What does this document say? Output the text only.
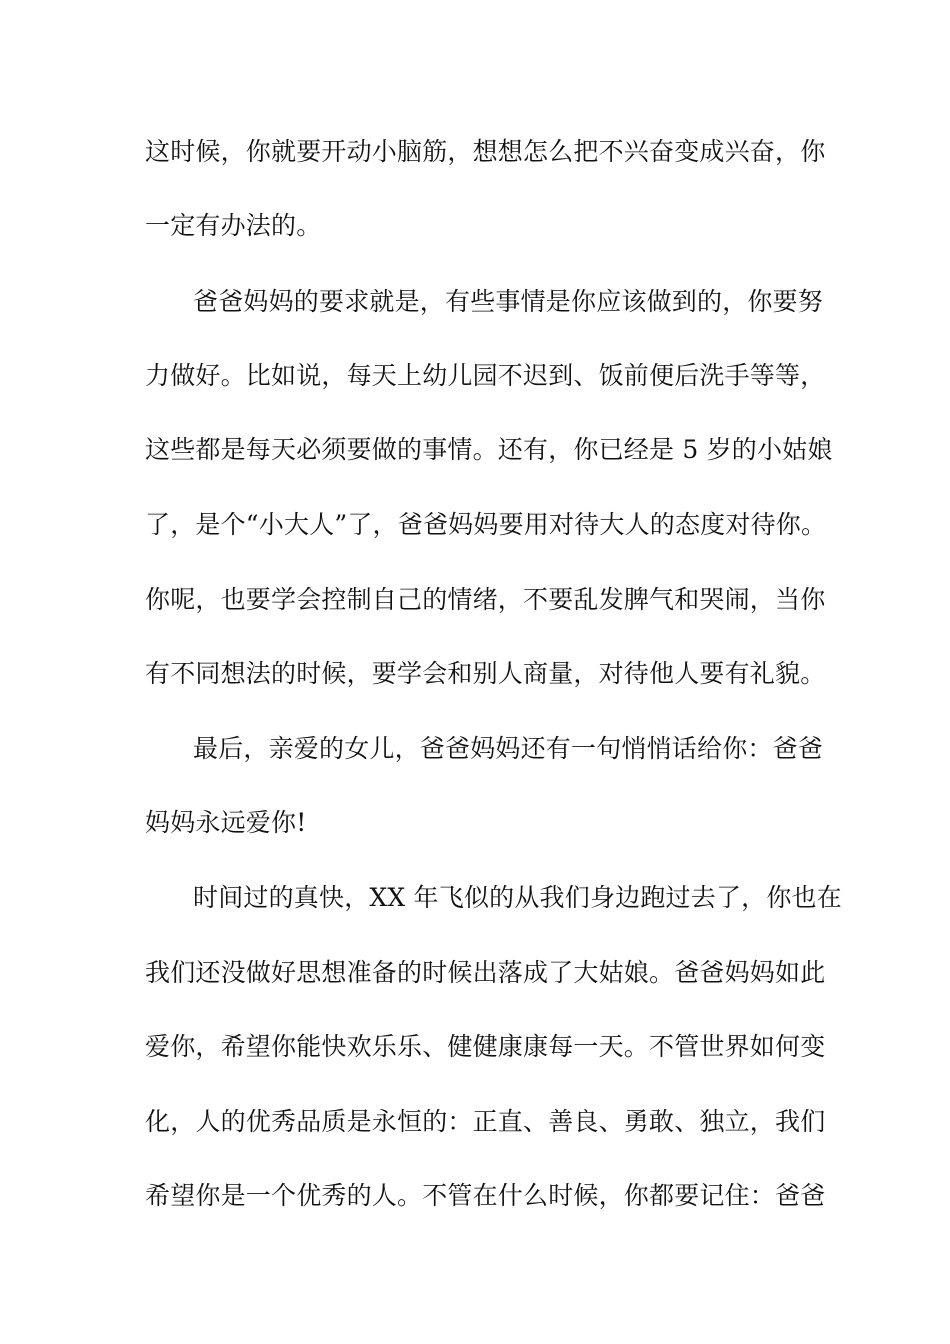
这时候，你就要开动小脑筋，想想怎么把不兴奋变成兴奋，你
一定有办法的。
爸爸妈妈的要求就是，有些事情是你应该做到的，你要努
力做好。比如说，每天上幼儿园不迟到、饭前便后洗手等等，
这些都是每天必须要做的事情。还有，你已经是 5 岁的小姑娘
了，是个“小大人”了，爸爸妈妈要用对待大人的态度对待你。
你呢，也要学会控制自己的情绪，不要乱发脾气和哭闹，当你
有不同想法的时候，要学会和别人商量，对待他人要有礼貌。
最后，亲爱的女儿，爸爸妈妈还有一句悄悄话给你：爸爸
妈妈永远爱你!
时间过的真快，XX 年飞似的从我们身边跑过去了，你也在
我们还没做好思想准备的时候出落成了大姑娘。爸爸妈妈如此
爱你，希望你能快欢乐乐、健健康康每一天。不管世界如何变
化，人的优秀品质是永恒的：正直、善良、勇敢、独立，我们
希望你是一个优秀的人。不管在什么时候，你都要记住：爸爸
